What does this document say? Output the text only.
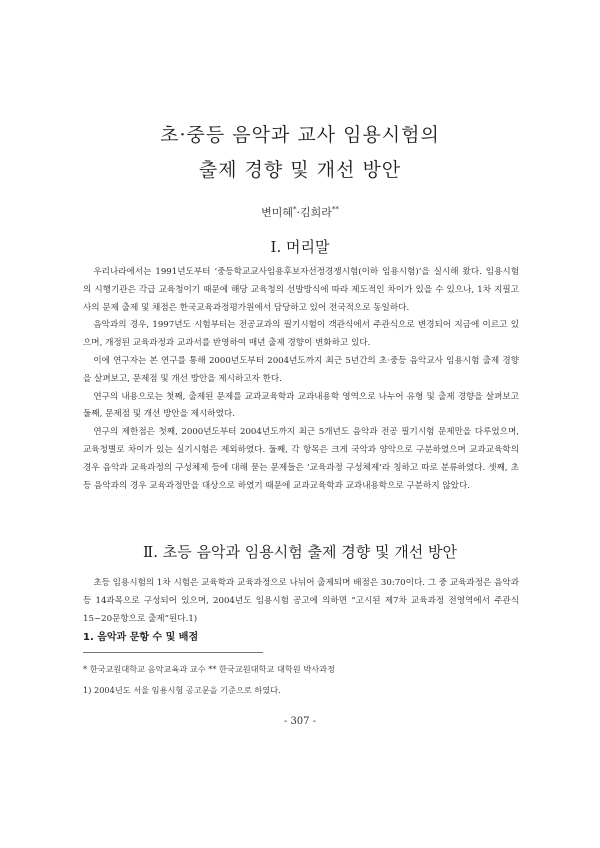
초·중등 음악과 교사 임용시험의
출제 경향 및 개선 방안
변미혜*·김희라**
Ⅰ. 머리말

우리나라에서는 1991년도부터 ‘중등학교교사임용후보자선정경쟁시험(이하 임용시험)’을 실시해 왔다. 임용시험의 시행기관은 각급 교육청이기 때문에 해당 교육청의 선발방식에 따라 제도적인 차이가 있을 수 있으나, 1차 지필고사의 문제 출제 및 채점은 한국교육과정평가원에서 담당하고 있어 전국적으로 동일하다.

음악과의 경우, 1997년도 시험부터는 전공교과의 필기시험이 객관식에서 주관식으로 변경되어 지금에 이르고 있으며, 개정된 교육과정과 교과서를 반영하여 매년 출제 경향이 변화하고 있다.

이에 연구자는 본 연구를 통해 2000년도부터 2004년도까지 최근 5년간의 초·중등 음악교사 임용시험 출제 경향을 살펴보고, 문제점 및 개선 방안을 제시하고자 한다.

연구의 내용으로는 첫째, 출제된 문제를 교과교육학과 교과내용학 영역으로 나누어 유형 및 출제 경향을 살펴보고 둘째, 문제점 및 개선 방안을 제시하였다.

연구의 제한점은 첫째, 2000년도부터 2004년도까지 최근 5개년도 음악과 전공 필기시험 문제만을 다루었으며, 교육청별로 차이가 있는 실기시험은 제외하였다. 둘째, 각 항목은 크게 국악과 양악으로 구분하였으며 교과교육학의 경우 음악과 교육과정의 구성체제 등에 대해 묻는 문제들은 ‘교육과정 구성체제’라 칭하고 따로 분류하였다. 셋째, 초등 음악과의 경우 교육과정만을 대상으로 하였기 때문에 교과교육학과 교과내용학으로 구분하지 않았다.

Ⅱ. 초등 음악과 임용시험 출제 경향 및 개선 방안

초등 임용시험의 1차 시험은 교육학과 교육과정으로 나뉘어 출제되며 배점은 30:70이다. 그 중 교육과정은 음악과 등 14과목으로 구성되어 있으며, 2004년도 임용시험 공고에 의하면 “고시된 제7차 교육과정 전영역에서 주관식 15~20문항으로 출제”된다.1)

1. 음악과 문항 수 및 배점
* 한국교원대학교 음악교육과 교수 ** 한국교원대학교 대학원 박사과정
1) 2004년도 서울 임용시험 공고문을 기준으로 하였다.
- 307 -
